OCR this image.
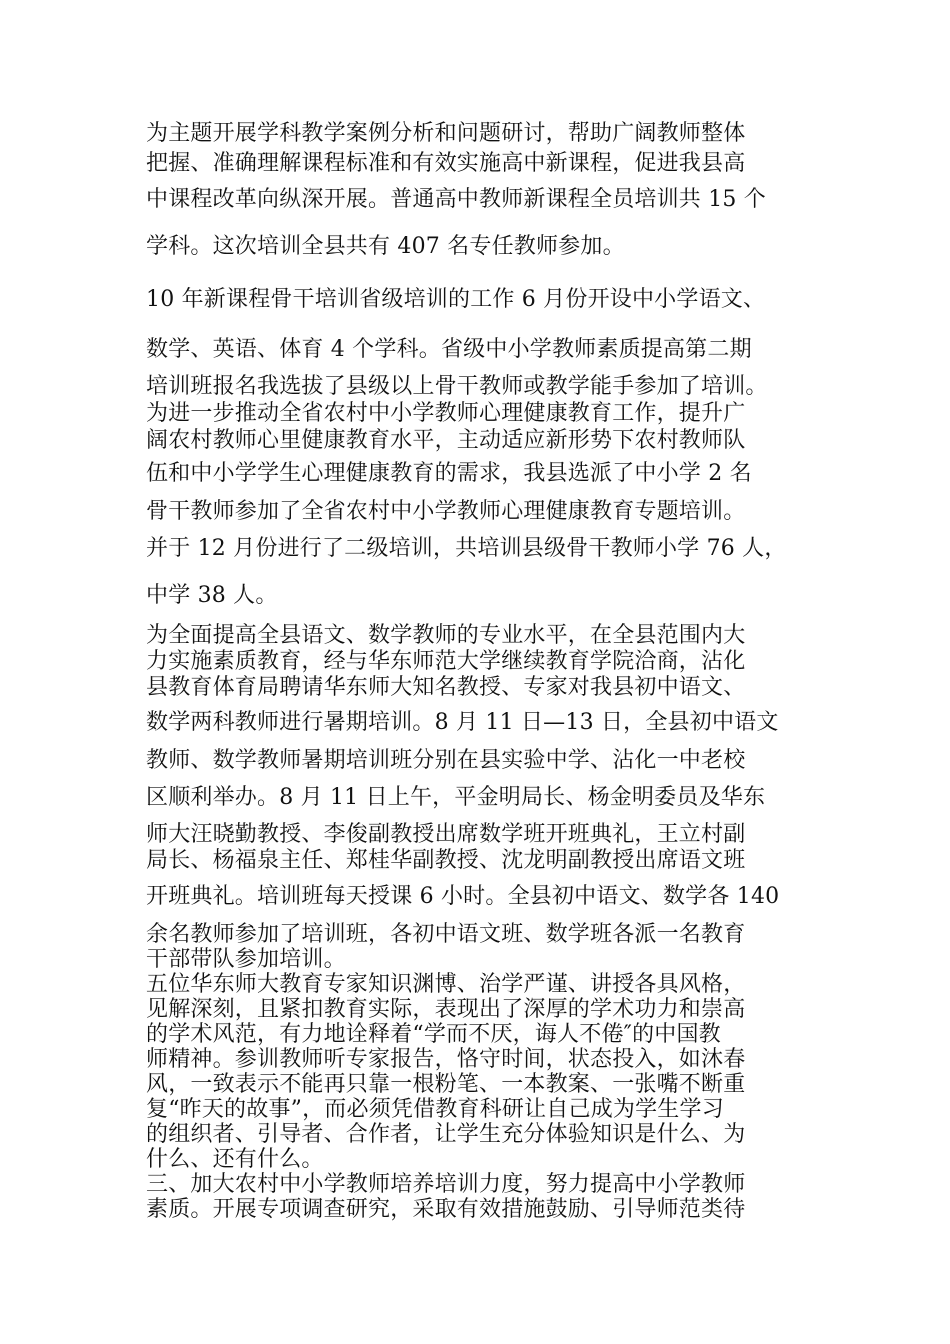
为主题开展学科教学案例分析和问题研讨，帮助广阔教师整体
把握、准确理解课程标准和有效实施高中新课程，促进我县高
中课程改革向纵深开展。普通高中教师新课程全员培训共 15 个
学科。这次培训全县共有 407 名专任教师参加。
10 年新课程骨干培训省级培训的工作 6 月份开设中小学语文、
数学、英语、体育 4 个学科。省级中小学教师素质提高第二期
培训班报名我选拔了县级以上骨干教师或教学能手参加了培训。
为进一步推动全省农村中小学教师心理健康教育工作，提升广
阔农村教师心里健康教育水平，主动适应新形势下农村教师队
伍和中小学学生心理健康教育的需求，我县选派了中小学 2 名
骨干教师参加了全省农村中小学教师心理健康教育专题培训。
并于 12 月份进行了二级培训，共培训县级骨干教师小学 76 人，
中学 38 人。
为全面提高全县语文、数学教师的专业水平，在全县范围内大
力实施素质教育，经与华东师范大学继续教育学院洽商，沾化
县教育体育局聘请华东师大知名教授、专家对我县初中语文、
数学两科教师进行暑期培训。8 月 11 日—13 日，全县初中语文
教师、数学教师暑期培训班分别在县实验中学、沾化一中老校
区顺利举办。8 月 11 日上午，平金明局长、杨金明委员及华东
师大汪晓勤教授、李俊副教授出席数学班开班典礼，王立村副
局长、杨福泉主任、郑桂华副教授、沈龙明副教授出席语文班
开班典礼。培训班每天授课 6 小时。全县初中语文、数学各 140
余名教师参加了培训班，各初中语文班、数学班各派一名教育
干部带队参加培训。
五位华东师大教育专家知识渊博、治学严谨、讲授各具风格，
见解深刻，且紧扣教育实际，表现出了深厚的学术功力和崇高
的学术风范，有力地诠释着“学而不厌，诲人不倦″的中国教
师精神。参训教师听专家报告，恪守时间，状态投入，如沐春
风，一致表示不能再只靠一根粉笔、一本教案、一张嘴不断重
复“昨天的故事”，而必须凭借教育科研让自己成为学生学习
的组织者、引导者、合作者，让学生充分体验知识是什么、为
什么、还有什么。
三、加大农村中小学教师培养培训力度，努力提高中小学教师
素质。开展专项调查研究，采取有效措施鼓励、引导师范类待
